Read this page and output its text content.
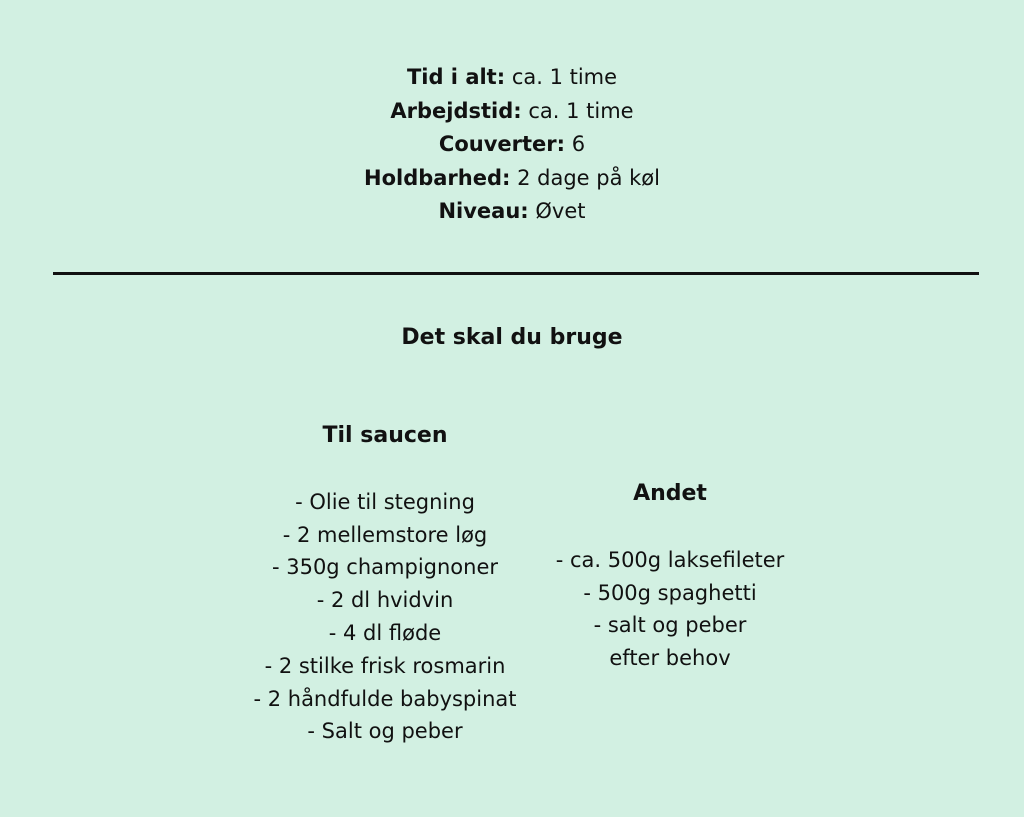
Tid i alt: ca. 1 time
Arbejdstid: ca. 1 time
Couverter: 6
Holdbarhed: 2 dage på køl
Niveau: Øvet
Det skal du bruge
Til saucen
- Olie til stegning
- 2 mellemstore løg
- 350g champignoner
- 2 dl hvidvin
- 4 dl fløde
- 2 stilke frisk rosmarin
- 2 håndfulde babyspinat
- Salt og peber
Andet
- ca. 500g laksefileter
- 500g spaghetti
- salt og peber
efter behov
